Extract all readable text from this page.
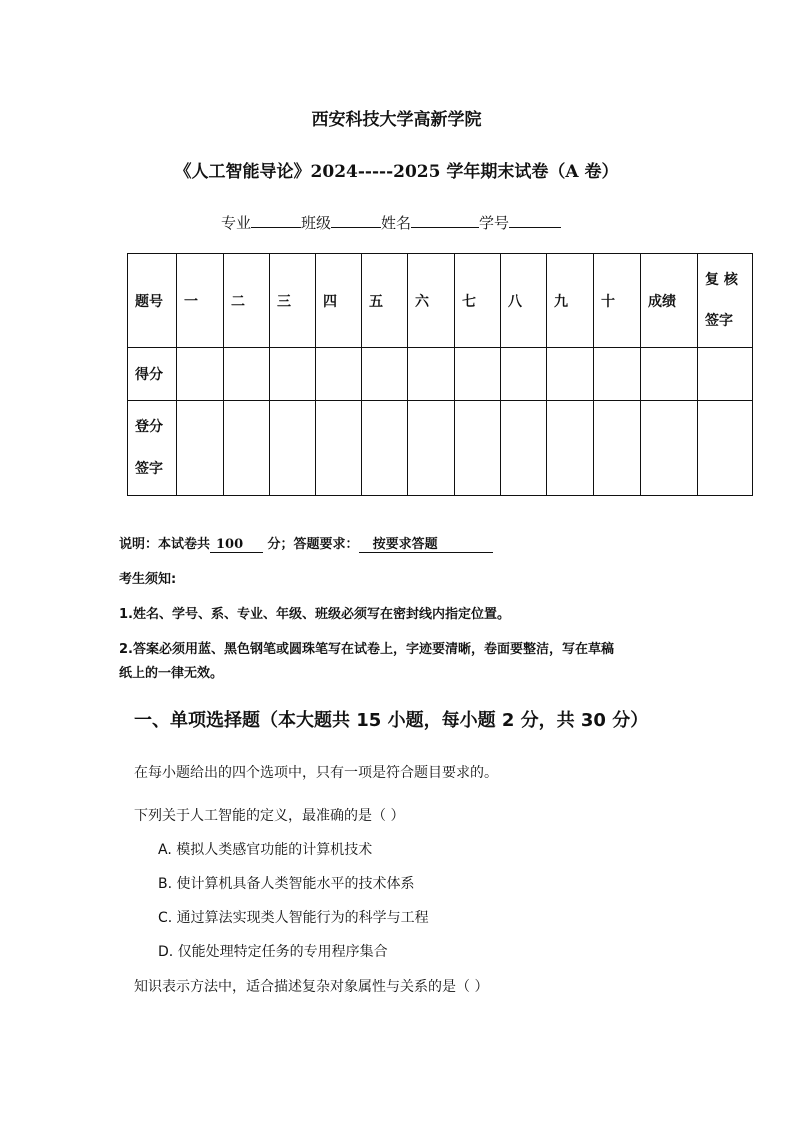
西安科技大学高新学院
《人工智能导论》2024-----2025 学年期末试卷（A 卷）
专业	班级	姓名	学号
题号	一	二	三	四	五	六	七	八	九	十	成绩	复 核
签字

得分												

登分
签字												

说明：本试卷共 100 分；答题要求： 按要求答题
考生须知:
1.姓名、学号、系、专业、年级、班级必须写在密封线内指定位置。
2.答案必须用蓝、黑色钢笔或圆珠笔写在试卷上，字迹要清晰，卷面要整洁，写在草稿
纸上的一律无效。
一、单项选择题（本大题共 15 小题，每小题 2 分，共 30 分）
在每小题给出的四个选项中，只有一项是符合题目要求的。
下列关于人工智能的定义，最准确的是（ ）
A. 模拟人类感官功能的计算机技术
B. 使计算机具备人类智能水平的技术体系
C. 通过算法实现类人智能行为的科学与工程
D. 仅能处理特定任务的专用程序集合
知识表示方法中，适合描述复杂对象属性与关系的是（ ）
